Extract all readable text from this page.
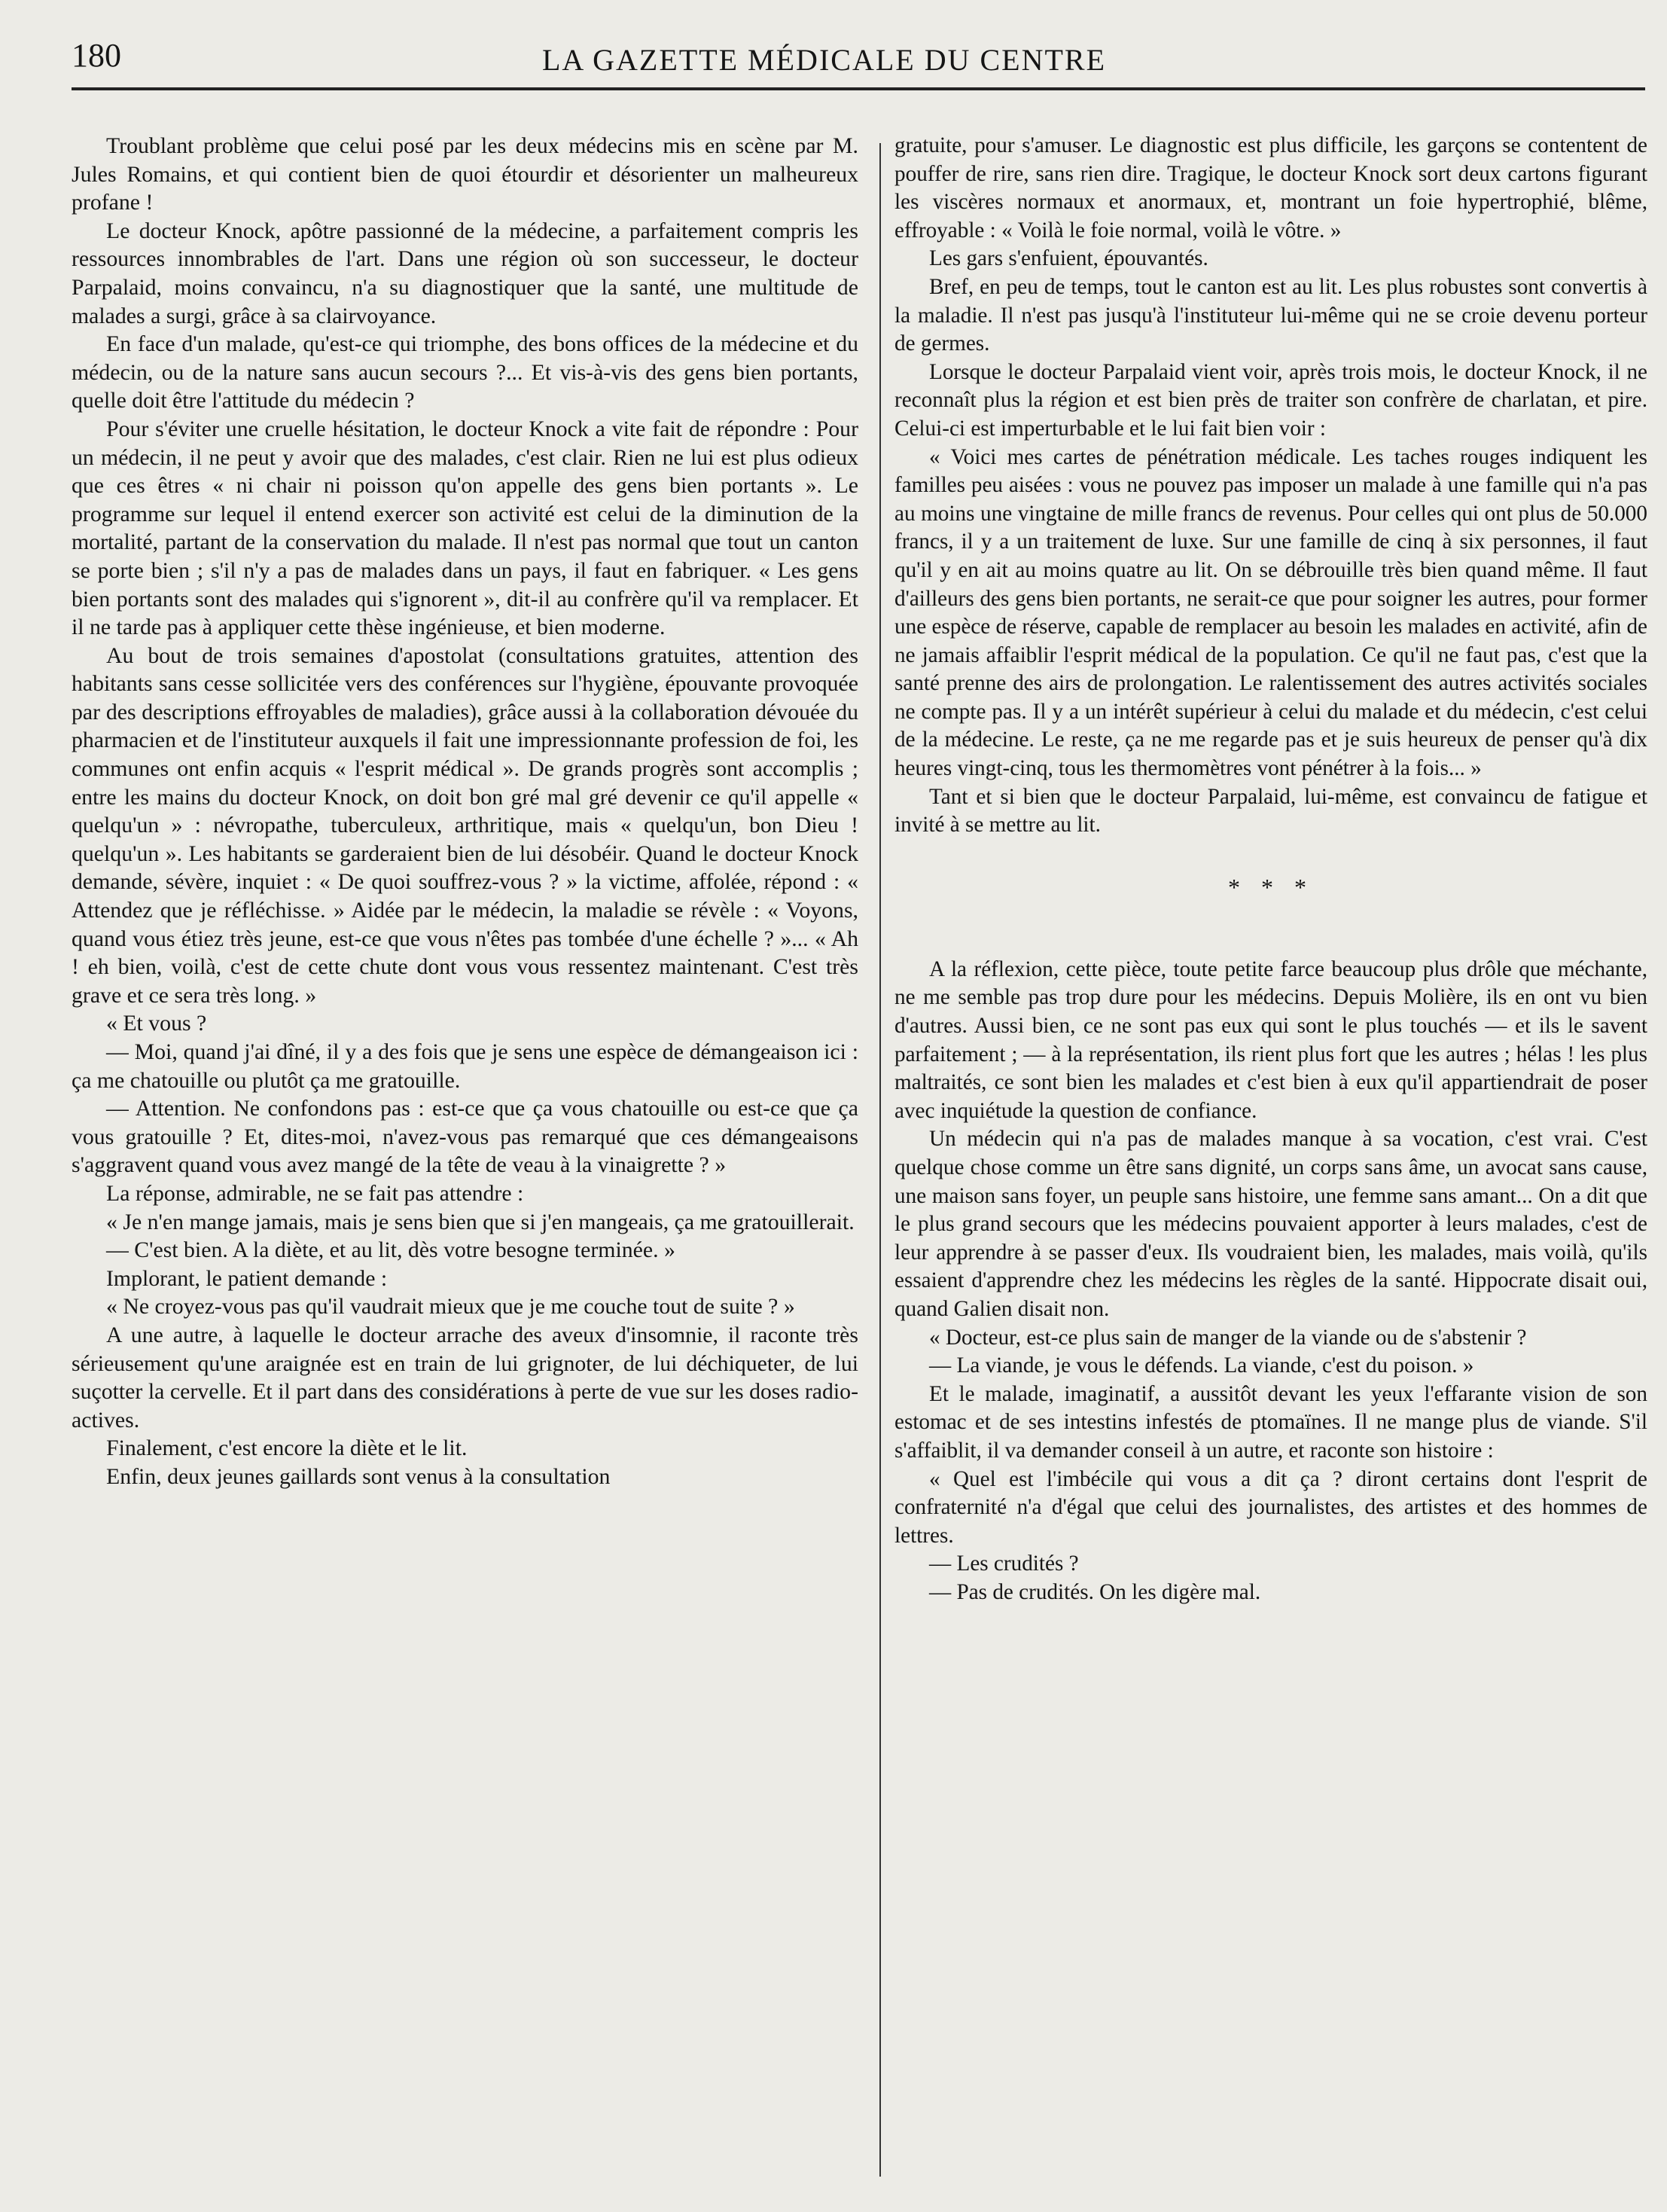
180	LA GAZETTE MÉDICALE DU CENTRE

Troublant problème que celui posé par les deux médecins mis en scène par M. Jules Romains, et qui contient bien de quoi étourdir et désorienter un malheureux profane !

Le docteur Knock, apôtre passionné de la médecine, a parfaitement compris les ressources innombrables de l'art. Dans une région où son successeur, le docteur Parpalaid, moins convaincu, n'a su diagnostiquer que la santé, une multitude de malades a surgi, grâce à sa clairvoyance.

En face d'un malade, qu'est-ce qui triomphe, des bons offices de la médecine et du médecin, ou de la nature sans aucun secours ?... Et vis-à-vis des gens bien portants, quelle doit être l'attitude du médecin ?

Pour s'éviter une cruelle hésitation, le docteur Knock a vite fait de répondre : Pour un médecin, il ne peut y avoir que des malades, c'est clair. Rien ne lui est plus odieux que ces êtres « ni chair ni poisson qu'on appelle des gens bien portants ». Le programme sur lequel il entend exercer son activité est celui de la diminution de la mortalité, partant de la conservation du malade. Il n'est pas normal que tout un canton se porte bien ; s'il n'y a pas de malades dans un pays, il faut en fabriquer. « Les gens bien portants sont des malades qui s'ignorent », dit-il au confrère qu'il va remplacer. Et il ne tarde pas à appliquer cette thèse ingénieuse, et bien moderne.

Au bout de trois semaines d'apostolat (consultations gratuites, attention des habitants sans cesse sollicitée vers des conférences sur l'hygiène, épouvante provoquée par des descriptions effroyables de maladies), grâce aussi à la collaboration dévouée du pharmacien et de l'instituteur auxquels il fait une impressionnante profession de foi, les communes ont enfin acquis « l'esprit médical ». De grands progrès sont accomplis ; entre les mains du docteur Knock, on doit bon gré mal gré devenir ce qu'il appelle « quelqu'un » : névropathe, tuberculeux, arthritique, mais « quelqu'un, bon Dieu ! quelqu'un ». Les habitants se garderaient bien de lui désobéir. Quand le docteur Knock demande, sévère, inquiet : « De quoi souffrez-vous ? » la victime, affolée, répond : « Attendez que je réfléchisse. » Aidée par le médecin, la maladie se révèle : « Voyons, quand vous étiez très jeune, est-ce que vous n'êtes pas tombée d'une échelle ? »... « Ah ! eh bien, voilà, c'est de cette chute dont vous vous ressentez maintenant. C'est très grave et ce sera très long. »

« Et vous ?

— Moi, quand j'ai dîné, il y a des fois que je sens une espèce de démangeaison ici : ça me chatouille ou plutôt ça me gratouille.

— Attention. Ne confondons pas : est-ce que ça vous chatouille ou est-ce que ça vous gratouille ? Et, dites-moi, n'avez-vous pas remarqué que ces démangeaisons s'aggravent quand vous avez mangé de la tête de veau à la vinaigrette ? »

La réponse, admirable, ne se fait pas attendre :

« Je n'en mange jamais, mais je sens bien que si j'en mangeais, ça me gratouillerait.

— C'est bien. A la diète, et au lit, dès votre besogne terminée. »

Implorant, le patient demande :

« Ne croyez-vous pas qu'il vaudrait mieux que je me couche tout de suite ? »

A une autre, à laquelle le docteur arrache des aveux d'insomnie, il raconte très sérieusement qu'une araignée est en train de lui grignoter, de lui déchiqueter, de lui suçotter la cervelle. Et il part dans des considérations à perte de vue sur les doses radio-actives.

Finalement, c'est encore la diète et le lit.

Enfin, deux jeunes gaillards sont venus à la consultation

gratuite, pour s'amuser. Le diagnostic est plus difficile, les garçons se contentent de pouffer de rire, sans rien dire. Tragique, le docteur Knock sort deux cartons figurant les viscères normaux et anormaux, et, montrant un foie hypertrophié, blême, effroyable : « Voilà le foie normal, voilà le vôtre. »

Les gars s'enfuient, épouvantés.

Bref, en peu de temps, tout le canton est au lit. Les plus robustes sont convertis à la maladie. Il n'est pas jusqu'à l'instituteur lui-même qui ne se croie devenu porteur de germes.

Lorsque le docteur Parpalaid vient voir, après trois mois, le docteur Knock, il ne reconnaît plus la région et est bien près de traiter son confrère de charlatan, et pire. Celui-ci est imperturbable et le lui fait bien voir :

« Voici mes cartes de pénétration médicale. Les taches rouges indiquent les familles peu aisées : vous ne pouvez pas imposer un malade à une famille qui n'a pas au moins une vingtaine de mille francs de revenus. Pour celles qui ont plus de 50.000 francs, il y a un traitement de luxe. Sur une famille de cinq à six personnes, il faut qu'il y en ait au moins quatre au lit. On se débrouille très bien quand même. Il faut d'ailleurs des gens bien portants, ne serait-ce que pour soigner les autres, pour former une espèce de réserve, capable de remplacer au besoin les malades en activité, afin de ne jamais affaiblir l'esprit médical de la population. Ce qu'il ne faut pas, c'est que la santé prenne des airs de prolongation. Le ralentissement des autres activités sociales ne compte pas. Il y a un intérêt supérieur à celui du malade et du médecin, c'est celui de la médecine. Le reste, ça ne me regarde pas et je suis heureux de penser qu'à dix heures vingt-cinq, tous les thermomètres vont pénétrer à la fois... »

Tant et si bien que le docteur Parpalaid, lui-même, est convaincu de fatigue et invité à se mettre au lit.

* * *

A la réflexion, cette pièce, toute petite farce beaucoup plus drôle que méchante, ne me semble pas trop dure pour les médecins. Depuis Molière, ils en ont vu bien d'autres. Aussi bien, ce ne sont pas eux qui sont le plus touchés — et ils le savent parfaitement ; — à la représentation, ils rient plus fort que les autres ; hélas ! les plus maltraités, ce sont bien les malades et c'est bien à eux qu'il appartiendrait de poser avec inquiétude la question de confiance.

Un médecin qui n'a pas de malades manque à sa vocation, c'est vrai. C'est quelque chose comme un être sans dignité, un corps sans âme, un avocat sans cause, une maison sans foyer, un peuple sans histoire, une femme sans amant... On a dit que le plus grand secours que les médecins pouvaient apporter à leurs malades, c'est de leur apprendre à se passer d'eux. Ils voudraient bien, les malades, mais voilà, qu'ils essaient d'apprendre chez les médecins les règles de la santé. Hippocrate disait oui, quand Galien disait non.

« Docteur, est-ce plus sain de manger de la viande ou de s'abstenir ?

— La viande, je vous le défends. La viande, c'est du poison. »

Et le malade, imaginatif, a aussitôt devant les yeux l'effarante vision de son estomac et de ses intestins infestés de ptomaïnes. Il ne mange plus de viande. S'il s'affaiblit, il va demander conseil à un autre, et raconte son histoire :

« Quel est l'imbécile qui vous a dit ça ? diront certains dont l'esprit de confraternité n'a d'égal que celui des journalistes, des artistes et des hommes de lettres.

— Les crudités ?

— Pas de crudités. On les digère mal.
